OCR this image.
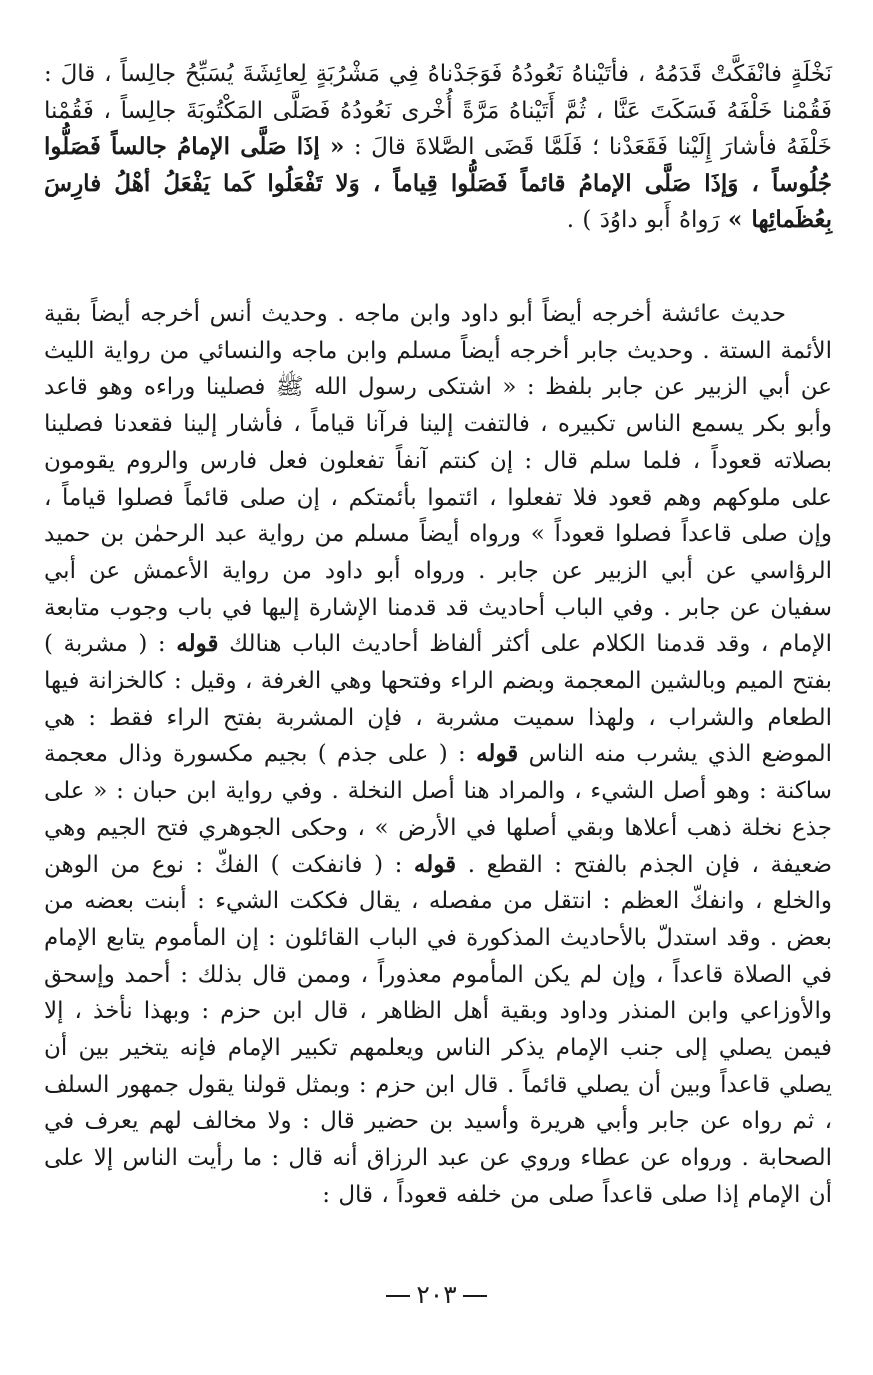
نَخْلَةٍ فانْفَكَّتْ قَدَمُهُ ، فأتَيْناهُ نَعُودُهُ فَوَجَدْناهُ فِي مَشْرُبَةٍ لِعائِشَةَ يُسَبِّحُ جالِساً ، قالَ : فَقُمْنا خَلْفَهُ فَسَكَتَ عَنَّا ، ثُمَّ أَتَيْناهُ مَرَّةً أُخْرى نَعُودُهُ فَصَلَّى المَكْتُوبَةَ جالِساً ، فَقُمْنا خَلْفَهُ فأشارَ إِلَيْنا فَقَعَدْنا ؛ فَلَمَّا قَضَى الصَّلاةَ قالَ : « إذَا صَلَّى الإمامُ جالساً فَصَلُّوا جُلُوساً ، وَإذَا صَلَّى الإمامُ قائماً فَصَلُّوا قِياماً ، وَلا تَفْعَلُوا كَما يَفْعَلُ أهْلُ فارِسَ بِعُظَمائِها » رَواهُ أَبو داوُدَ ) .

  حديث عائشة أخرجه أيضاً أبو داود وابن ماجه . وحديث أنس أخرجه أيضاً بقية الأئمة الستة . وحديث جابر أخرجه أيضاً مسلم وابن ماجه والنسائي من رواية الليث عن أبي الزبير عن جابر بلفظ : « اشتكى رسول الله ﷺ فصلينا وراءه وهو قاعد وأبو بكر يسمع الناس تكبيره ، فالتفت إلينا فرآنا قياماً ، فأشار إلينا فقعدنا فصلينا بصلاته قعوداً ، فلما سلم قال : إن كنتم آنفاً تفعلون فعل فارس والروم يقومون على ملوكهم وهم قعود فلا تفعلوا ، ائتموا بأئمتكم ، إن صلى قائماً فصلوا قياماً ، وإن صلى قاعداً فصلوا قعوداً » ورواه أيضاً مسلم من رواية عبد الرحمٰن بن حميد الرؤاسي عن أبي الزبير عن جابر . ورواه أبو داود من رواية الأعمش عن أبي سفيان عن جابر . وفي الباب أحاديث قد قدمنا الإشارة إليها في باب وجوب متابعة الإمام ، وقد قدمنا الكلام على أكثر ألفاظ أحاديث الباب هنالك قوله : ( مشربة ) بفتح الميم وبالشين المعجمة وبضم الراء وفتحها وهي الغرفة ، وقيل : كالخزانة فيها الطعام والشراب ، ولهذا سميت مشربة ، فإن المشربة بفتح الراء فقط : هي الموضع الذي يشرب منه الناس قوله : ( على جذم ) بجيم مكسورة وذال معجمة ساكنة : وهو أصل الشيء ، والمراد هنا أصل النخلة . وفي رواية ابن حبان : « على جذع نخلة ذهب أعلاها وبقي أصلها في الأرض » ، وحكى الجوهري فتح الجيم وهي ضعيفة ، فإن الجذم بالفتح : القطع . قوله : ( فانفكت ) الفكّ : نوع من الوهن والخلع ، وانفكّ العظم : انتقل من مفصله ، يقال فككت الشيء : أبنت بعضه من بعض . وقد استدلّ بالأحاديث المذكورة في الباب القائلون : إن المأموم يتابع الإمام في الصلاة قاعداً ، وإن لم يكن المأموم معذوراً ، وممن قال بذلك : أحمد وإسحق والأوزاعي وابن المنذر وداود وبقية أهل الظاهر ، قال ابن حزم : وبهذا نأخذ ، إلا فيمن يصلي إلى جنب الإمام يذكر الناس ويعلمهم تكبير الإمام فإنه يتخير بين أن يصلي قاعداً وبين أن يصلي قائماً . قال ابن حزم : وبمثل قولنا يقول جمهور السلف ، ثم رواه عن جابر وأبي هريرة وأسيد بن حضير قال : ولا مخالف لهم يعرف في الصحابة . ورواه عن عطاء وروي عن عبد الرزاق أنه قال : ما رأيت الناس إلا على أن الإمام إذا صلى قاعداً صلى من خلفه قعوداً ، قال :

٢٠٣
